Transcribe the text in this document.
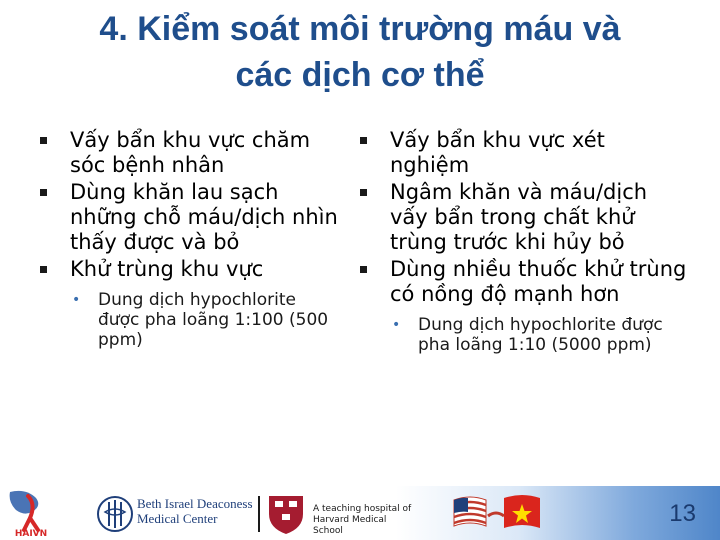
4. Kiểm soát môi trường máu và
các dịch cơ thể
Vấy bẩn khu vực chăm sóc bệnh nhân
Dùng khăn lau sạch những chỗ máu/dịch nhìn thấy được và bỏ
Khử trùng khu vực
• Dung dịch hypochlorite được pha loãng 1:100 (500 ppm)
Vấy bẩn khu vực xét nghiệm
Ngâm khăn và máu/dịch vấy bẩn trong chất khử trùng trước khi hủy bỏ
Dùng nhiều thuốc khử trùng có nồng độ mạnh hơn
• Dung dịch hypochlorite được pha loãng 1:10 (5000 ppm)
HAIVN
Beth Israel Deaconess
Medical Center
A teaching hospital of
Harvard Medical School
13
